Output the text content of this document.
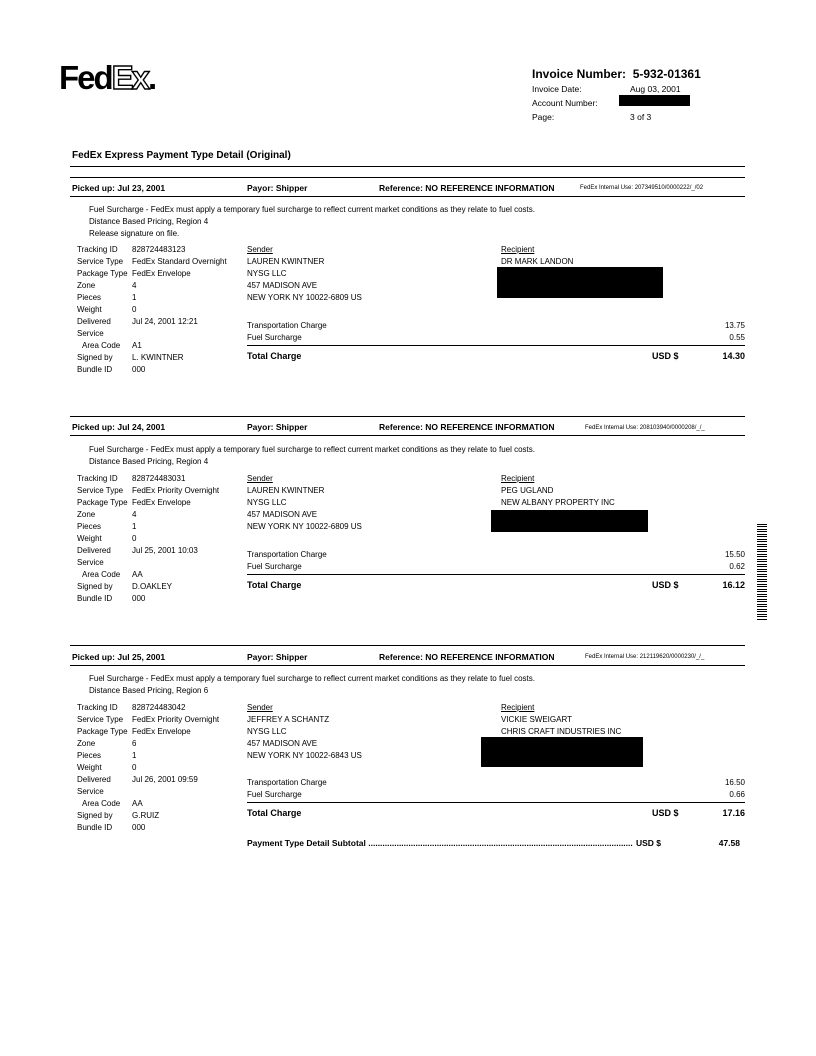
FedEx.	Invoice Number: 5-932-01361
Invoice Date:	Aug 03, 2001
Account Number:
Page:	3 of 3
FedEx Express Payment Type Detail (Original)
Picked up: Jul 23, 2001	Payor: Shipper	Reference: NO REFERENCE INFORMATION	FedEx Internal Use: 207349510/0000222/_/02
Fuel Surcharge - FedEx must apply a temporary fuel surcharge to reflect current market conditions as they relate to fuel costs.
Distance Based Pricing, Region 4
Release signature on file.
Tracking ID 828724483123
Service Type FedEx Standard Overnight
Package Type FedEx Envelope
Zone	4
Pieces	1
Weight	0
Delivered	Jul 24, 2001 12:21
Service
Area Code A1
Signed by L. KWINTNER
Bundle ID 000
Sender
LAUREN KWINTNER
NYSG LLC
457 MADISON AVE
NEW YORK NY 10022-6809 US
Recipient
DR MARK LANDON
Transportation Charge	13.75
Fuel Surcharge	0.55
Total Charge	USD $	14.30
Picked up: Jul 24, 2001	Payor: Shipper	Reference: NO REFERENCE INFORMATION	FedEx Internal Use: 208103940/0000208/_/_
Fuel Surcharge - FedEx must apply a temporary fuel surcharge to reflect current market conditions as they relate to fuel costs.
Distance Based Pricing, Region 4
Tracking ID 828724483031
Service Type FedEx Priority Overnight
Package Type FedEx Envelope
Zone	4
Pieces	1
Weight	0
Delivered	Jul 25, 2001 10:03
Service
Area Code AA
Signed by D.OAKLEY
Bundle ID 000
Sender
LAUREN KWINTNER
NYSG LLC
457 MADISON AVE
NEW YORK NY 10022-6809 US
Recipient
PEG UGLAND
NEW ALBANY PROPERTY INC
Transportation Charge	15.50
Fuel Surcharge	0.62
Total Charge	USD $	16.12
Picked up: Jul 25, 2001	Payor: Shipper	Reference: NO REFERENCE INFORMATION	FedEx Internal Use: 212119620/0000230/_/_
Fuel Surcharge - FedEx must apply a temporary fuel surcharge to reflect current market conditions as they relate to fuel costs.
Distance Based Pricing, Region 6
Tracking ID 828724483042
Service Type FedEx Priority Overnight
Package Type FedEx Envelope
Zone	6
Pieces	1
Weight	0
Delivered	Jul 26, 2001 09:59
Service
Area Code AA
Signed by G.RUIZ
Bundle ID 000
Sender
JEFFREY A SCHANTZ
NYSG LLC
457 MADISON AVE
NEW YORK NY 10022-6843 US
Recipient
VICKIE SWEIGART
CHRIS CRAFT INDUSTRIES INC
Transportation Charge	16.50
Fuel Surcharge	0.66
Total Charge	USD $	17.16
Payment Type Detail Subtotal ................................................................................................................ USD $	47.58
